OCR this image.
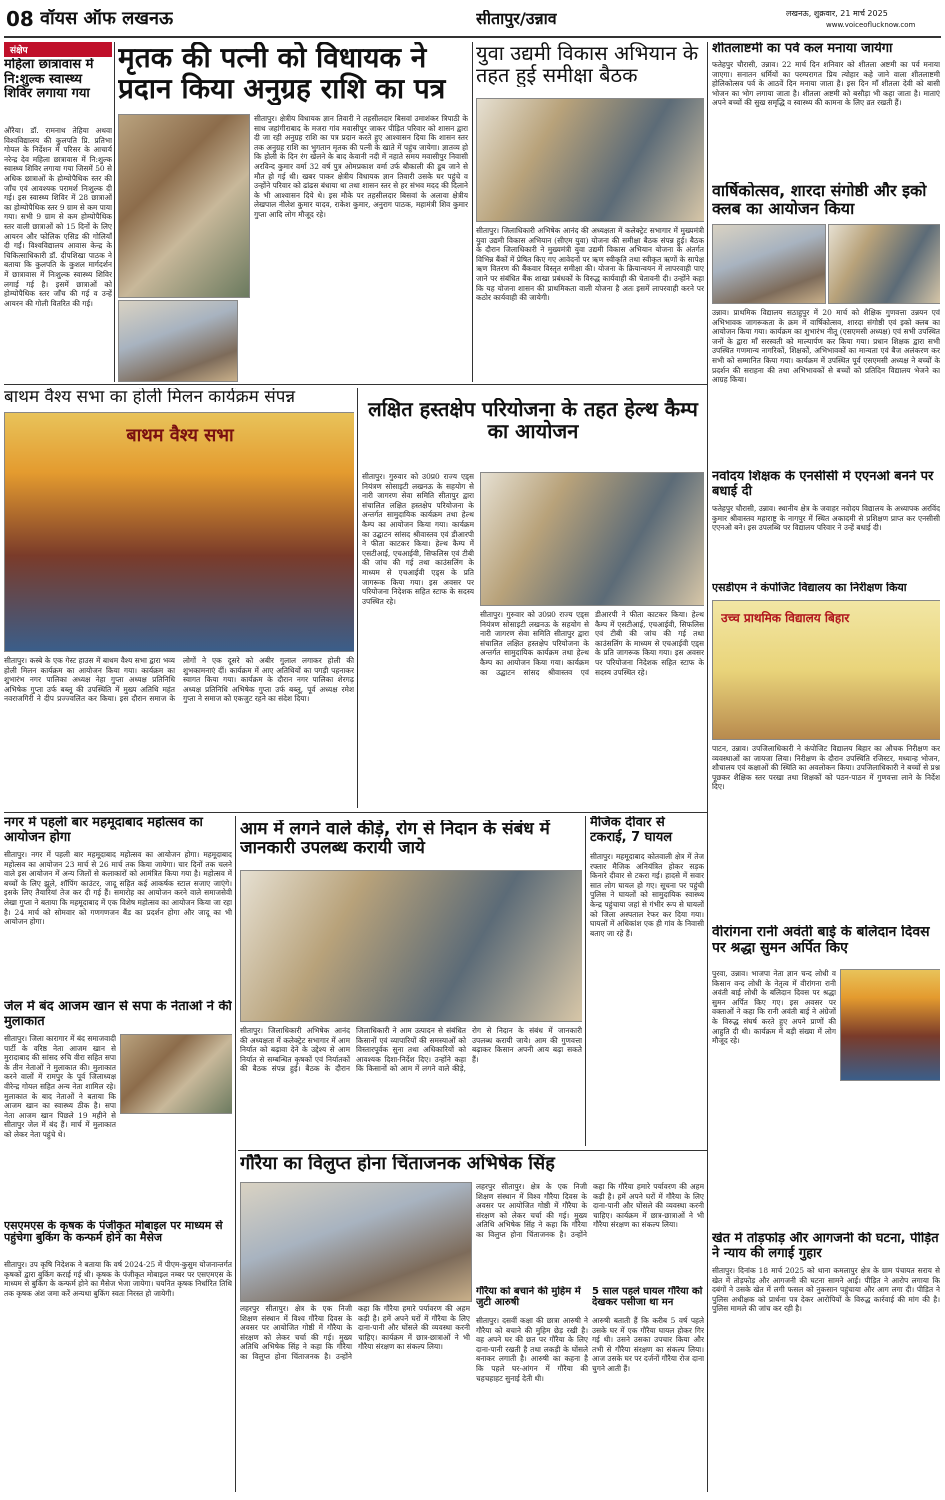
08 वॉयस ऑफ लखनऊ	सीतापुर/उन्नाव	लखनऊ, शुक्रवार, 21 मार्च 2025
www.voiceoflucknow.com
संक्षेप
महिला छात्रावास में नि:शुल्क स्वास्थ्य शिविर लगाया गया
औरैया। डॉ. रामनाथ तेहिया अथवा विश्वविद्यालय की कुलपति प्रि. प्रतिभा गोयल के निर्देशन में परिसर के आचार्य नरेन्द्र देव महिला छात्रावास में नि:शुल्क स्वास्थ्य शिविर लगाया गया जिसमें 50 से अधिक छात्राओं के होम्योपैथिक स्तर की जाँच एवं आवश्यक परामर्श निःशुल्क दी गई। इस स्वास्थ्य शिविर में 28 छात्राओं का होम्योपैथिक स्तर 9 ग्राम से कम पाया गया। सभी 9 ग्राम से कम होम्योपैथिक स्तर वाली छात्राओं को 15 दिनों के लिए आयरन और फोलिक एसिड की गोलियाँ दी गईं। विश्वविद्यालय आवास केन्द्र के चिकित्साधिकारी डॉ. दीपशिखा पाठक ने बताया कि कुलपति के कुशल मार्गदर्शन में छात्रावास में निःशुल्क स्वास्थ्य शिविर लगाई गई है। इसमें छात्राओं को होम्योपैथिक स्तर जाँच की गई व उन्हें आयरन की गोली वितरित की गई।
मृतक की पत्नी को विधायक ने प्रदान किया अनुग्रह राशि का पत्र
सीतापुर। क्षेत्रीय विधायक ज्ञान तिवारी ने तहसीलदार बिसवां उमाशंकर त्रिपाठी के साथ जहांगीराबाद के मजरा गांव मवासीपुर जाकर पीड़ित परिवार को शासन द्वारा दी जा रही अनुग्रह राशि का पत्र प्रदान करते हुए आश्वासन दिया कि शासन स्तर तक अनुग्रह राशि का भुगतान मृतक की पत्नी के खाते में पहुंच जायेगा। ज्ञातव्य हो कि होली के दिन रंग खेलने के बाद केवानी नदी में नहाते समय मवासीपुर निवासी अरविन्द कुमार वर्मा 32 वर्ष पुत्र ओमप्रकाश वर्मा उर्फ बौकाली की डूब जाने से मौत हो गई थी। खबर पाकर क्षेत्रीय विधायक ज्ञान तिवारी उसके घर पहुंचे व उन्होंने परिवार को ढांढस बंधाया था तथा शासन स्तर से हर संभव मदद की दिलाने के भी आश्वासन दिये थे। इस मौके पर तहसीलदार बिसवां के अलावा क्षेत्रीय लेखपाल नीलेश कुमार यादव, राकेश कुमार, अनुराग पाठक, महामंत्री शिव कुमार गुप्ता आदि लोग मौजूद रहे।
युवा उद्यमी विकास अभियान के तहत हुई समीक्षा बैठक
सीतापुर। जिलाधिकारी अभिषेक आनंद की अध्यक्षता में कलेक्ट्रेट सभागार में मुख्यमंत्री युवा उद्यमी विकास अभियान (सीएम युवा) योजना की समीक्षा बैठक संपन्न हुई। बैठक के दौरान जिलाधिकारी ने मुख्यमंत्री युवा उद्यमी विकास अभियान योजना के अंतर्गत विभिन्न बैंकों में प्रेषित किए गए आवेदनों पर ऋण स्वीकृति तथा स्वीकृत ऋणों के सापेक्ष ऋण वितरण की बैंकवार विस्तृत समीक्षा की। योजना के क्रियान्वयन में लापरवाही पाए जाने पर संबंधित बैंक शाखा प्रबंधकों के विरुद्ध कार्यवाही की चेतावनी दी। उन्होंने कहा कि यह योजना शासन की प्राथमिकता वाली योजना है अतः इसमें लापरवाही करने पर कठोर कार्यवाही की जायेगी।
शीतलाष्टमी का पर्व कल मनाया जायेगा
फतेहपुर चौरासी, उन्नाव। 22 मार्च दिन शनिवार को शीतला अष्टमी का पर्व मनाया जाएगा। सनातन धर्मियों का परम्परागत प्रिय त्योहार कहे जाने वाला शीतलाष्टमी होलिकोत्सव पर्व के आठवें दिन मनाया जाता है। इस दिन माँ शीतला देवी को बासी भोजन का भोग लगाया जाता है। शीतला अष्टमी को बसौड़ा भी कहा जाता है। माताएं अपने बच्चों की सुख समृद्धि व स्वास्थ्य की कामना के लिए व्रत रखती हैं।
वार्षिकोत्सव, शारदा संगोष्ठी और इको क्लब का आयोजन किया
उन्नाव। प्राथमिक विद्यालय सठाहुपुर में 20 मार्च को शैक्षिक गुणवत्ता उन्नयन एवं अभिभावक जागरूकता के क्रम में वार्षिकोत्सव, शारदा संगोष्ठी एवं इको क्लब का आयोजन किया गया। कार्यक्रम का शुभारंभ नीतू (एसएमसी अध्यक्ष) एवं सभी उपस्थित जनों के द्वारा माँ सरस्वती को माल्यार्पण कर किया गया। प्रधान शिक्षक द्वारा सभी उपस्थित गणमान्य नागरिकों, शिक्षकों, अभिभावकों का मान्यता एवं बैज अलंकरण कर सभी को सम्मानित किया गया। कार्यक्रम में उपस्थित पूर्व एसएमसी अध्यक्ष ने बच्चों के प्रदर्शन की सराहना की तथा अभिभावकों से बच्चों को प्रतिदिन विद्यालय भेजने का आग्रह किया।
नवोदय शिक्षक के एनसीसी में एएनओ बनने पर बधाई दी
फतेहपुर चौरासी, उन्नाव। स्थानीय क्षेत्र के जवाहर नवोदय विद्यालय के अध्यापक अरविंद कुमार श्रीवास्तव महाराष्ट्र के नागपुर में स्थित अकादमी से प्रशिक्षण प्राप्त कर एनसीसी एएनओ बने। इस उपलब्धि पर विद्यालय परिवार ने उन्हें बधाई दी।
एसडीएम ने कंपोजिट विद्यालय का निरीक्षण किया
उच्च प्राथमिक विद्यालय बिहार
पाटन, उन्नाव। उपजिलाधिकारी ने कंपोजिट विद्यालय बिहार का औचक निरीक्षण कर व्यवस्थाओं का जायजा लिया। निरीक्षण के दौरान उपस्थिति रजिस्टर, मध्यान्ह भोजन, शौचालय एवं कक्षाओं की स्थिति का अवलोकन किया। उपजिलाधिकारी ने बच्चों से प्रश्न पूछकर शैक्षिक स्तर परखा तथा शिक्षकों को पठन-पाठन में गुणवत्ता लाने के निर्देश दिए।
वीरांगना रानी अवंती बाई के बलिदान दिवस पर श्रद्धा सुमन अर्पित किए
पुरवा, उन्नाव। भाजपा नेता ज्ञान चन्द लोधी व किसान वन्द लोधी के नेतृत्व में वीरांगना रानी अवंती बाई लोधी के बलिदान दिवस पर श्रद्धा सुमन अर्पित किए गए। इस अवसर पर वक्ताओं ने कहा कि रानी अवंती बाई ने अंग्रेजों के विरुद्ध संघर्ष करते हुए अपने प्राणों की आहुति दी थी। कार्यक्रम में बड़ी संख्या में लोग मौजूद रहे।
खेत में तोड़फोड़ और आगजनी की घटना, पीड़ित ने न्याय की लगाई गुहार
सीतापुर। दिनांक 18 मार्च 2025 को थाना कमलापुर क्षेत्र के ग्राम पंचायत सराय से खेत में तोड़फोड़ और आगजनी की घटना सामने आई। पीड़ित ने आरोप लगाया कि दबंगों ने उसके खेत में लगी फसल को नुकसान पहुंचाया और आग लगा दी। पीड़ित ने पुलिस अधीक्षक को प्रार्थना पत्र देकर आरोपियों के विरुद्ध कार्रवाई की मांग की है। पुलिस मामले की जांच कर रही है।
बाथम वैश्य सभा का होली मिलन कार्यक्रम संपन्न
बाथम वैश्य सभा
सीतापुर। कस्बे के एक गेस्ट हाउस में बाथम वैश्य सभा द्वारा भव्य होली मिलन कार्यक्रम का आयोजन किया गया। कार्यक्रम का शुभारंभ नगर पालिका अध्यक्ष नेहा गुप्ता अध्यक्ष प्रतिनिधि अभिषेक गुप्ता उर्फ बब्लू की उपस्थिति में मुख्य अतिथि महंत नवराजगिरी ने दीप प्रज्ज्वलित कर किया। इस दौरान समाज के लोगों ने एक दूसरे को अबीर गुलाल लगाकर होली की शुभकामनाएं दीं। कार्यक्रम में आए अतिथियों का पगड़ी पहनाकर स्वागत किया गया। कार्यक्रम के दौरान नगर पालिका शेरगढ़ अध्यक्ष प्रतिनिधि अभिषेक गुप्ता उर्फ बब्लू, पूर्व अध्यक्ष रमेश गुप्ता ने समाज को एकजुट रहने का संदेश दिया।
लक्षित हस्तक्षेप परियोजना के तहत हेल्थ कैम्प का आयोजन
सीतापुर। गुरुवार को उ0प्र0 राज्य एड्स नियंत्रण सोसाइटी लखनऊ के सहयोग से नारी जागरण सेवा समिति सीतापुर द्वारा संचालित लक्षित हस्तक्षेप परियोजना के अन्तर्गत सामुदायिक कार्यक्रम तथा हेल्थ कैम्प का आयोजन किया गया। कार्यक्रम का उद्घाटन सांसद श्रीवास्तव एवं डीआरपी ने फीता काटकर किया। हेल्थ कैम्प में एसटीआई, एचआईवी, सिफलिस एवं टीबी की जांच की गई तथा काउंसलिंग के माध्यम से एचआईवी एड्स के प्रति जागरूक किया गया। इस अवसर पर परियोजना निदेशक सहित स्टाफ के सदस्य उपस्थित रहे।
सीतापुर। गुरुवार को उ0प्र0 राज्य एड्स नियंत्रण सोसाइटी लखनऊ के सहयोग से नारी जागरण सेवा समिति सीतापुर द्वारा संचालित लक्षित हस्तक्षेप परियोजना के अन्तर्गत सामुदायिक कार्यक्रम तथा हेल्थ कैम्प का आयोजन किया गया। कार्यक्रम का उद्घाटन सांसद श्रीवास्तव एवं डीआरपी ने फीता काटकर किया। हेल्थ कैम्प में एसटीआई, एचआईवी, सिफलिस एवं टीबी की जांच की गई तथा काउंसलिंग के माध्यम से एचआईवी एड्स के प्रति जागरूक किया गया। इस अवसर पर परियोजना निदेशक सहित स्टाफ के सदस्य उपस्थित रहे।
नगर में पहली बार महमूदाबाद महोत्सव का आयोजन होगा
सीतापुर। नगर में पहली बार महमूदाबाद महोत्सव का आयोजन होगा। महमूदाबाद महोत्सव का आयोजन 23 मार्च से 26 मार्च तक किया जायेगा। चार दिनों तक चलने वाले इस आयोजन में अन्य जिलों से कलाकारों को आमंत्रित किया गया है। महोत्सव में बच्चों के लिए झूले, शॉपिंग काउंटर, जादू सहित कई आकर्षक स्टाल सजाए जाएंगे। इसके लिए तैयारियां तेज कर दी गई हैं। समारोह का आयोजन करने वाले समाजसेवी लेखा गुप्ता ने बताया कि महमूदाबाद में एक विशेष महोत्सव का आयोजन किया जा रहा है। 24 मार्च को सोमवार को गणगणजन बैंड का प्रदर्शन होगा और जादू का भी आयोजन होगा।
जेल में बंद आजम खान से सपा के नेताओं ने की मुलाकात
सीतापुर। जिला कारागार में बंद समाजवादी पार्टी के वरिष्ठ नेता आजम खान से मुरादाबाद की सांसद रुचि वीरा सहित सपा के तीन नेताओं ने मुलाकात की। मुलाकात करने वालों में रामपुर के पूर्व जिलाध्यक्ष वीरेन्द्र गोयल सहित अन्य नेता शामिल रहे। मुलाकात के बाद नेताओं ने बताया कि आजम खान का स्वास्थ्य ठीक है। सपा नेता आजम खान पिछले 19 महीने से सीतापुर जेल में बंद हैं। मार्च में मुलाकात को लेकर नेता पहुंचे थे।
एसएमएस के कृषक के पंजीकृत मोबाइल पर माध्यम से पहुंचेगा बुकिंग के कन्फर्म होने का मैसेज
सीतापुर। उप कृषि निदेशक ने बताया कि वर्ष 2024-25 में पीएम-कुसुम योजनान्तर्गत कृषकों द्वारा बुकिंग कराई गई थी। कृषक के पंजीकृत मोबाइल नम्बर पर एसएमएस के माध्यम से बुकिंग के कन्फर्म होने का मैसेज भेजा जायेगा। चयनित कृषक निर्धारित तिथि तक कृषक अंश जमा करें अन्यथा बुकिंग स्वतः निरस्त हो जायेगी।
आम में लगने वाले कीड़े, रोग से निदान के संबंध में जानकारी उपलब्ध करायी जाये
सीतापुर। जिलाधिकारी अभिषेक आनंद की अध्यक्षता में कलेक्ट्रेट सभागार में आम निर्यात को बढ़ावा देने के उद्देश्य से आम निर्यात से सम्बन्धित कृषकों एवं निर्यातकों की बैठक संपन्न हुई। बैठक के दौरान जिलाधिकारी ने आम उत्पादन से संबंधित किसानों एवं व्यापारियों की समस्याओं को विस्तारपूर्वक सुना तथा अधिकारियों को आवश्यक दिशा-निर्देश दिए। उन्होंने कहा कि किसानों को आम में लगने वाले कीड़े, रोग से निदान के संबंध में जानकारी उपलब्ध करायी जाये। आम की गुणवत्ता बढ़ाकर किसान अपनी आय बढ़ा सकते हैं।
मैजिक दीवार से टकराई, 7 घायल
सीतापुर। महमूदाबाद कोतवाली क्षेत्र में तेज रफ्तार मैजिक अनियंत्रित होकर सड़क किनारे दीवार से टकरा गई। हादसे में सवार सात लोग घायल हो गए। सूचना पर पहुंची पुलिस ने घायलों को सामुदायिक स्वास्थ्य केन्द्र पहुंचाया जहां से गंभीर रूप से घायलों को जिला अस्पताल रेफर कर दिया गया। घायलों में अधिकांश एक ही गांव के निवासी बताए जा रहे हैं।
गौरैया का विलुप्त होना चिंताजनक अभिषेक सिंह
लहरपुर सीतापुर। क्षेत्र के एक निजी शिक्षण संस्थान में विश्व गौरैया दिवस के अवसर पर आयोजित गोष्ठी में गौरैया के संरक्षण को लेकर चर्चा की गई। मुख्य अतिथि अभिषेक सिंह ने कहा कि गौरैया का विलुप्त होना चिंताजनक है। उन्होंने कहा कि गौरैया हमारे पर्यावरण की अहम कड़ी है। हमें अपने घरों में गौरैया के लिए दाना-पानी और घोंसले की व्यवस्था करनी चाहिए। कार्यक्रम में छात्र-छात्राओं ने भी गौरैया संरक्षण का संकल्प लिया।
लहरपुर सीतापुर। क्षेत्र के एक निजी शिक्षण संस्थान में विश्व गौरैया दिवस के अवसर पर आयोजित गोष्ठी में गौरैया के संरक्षण को लेकर चर्चा की गई। मुख्य अतिथि अभिषेक सिंह ने कहा कि गौरैया का विलुप्त होना चिंताजनक है। उन्होंने कहा कि गौरैया हमारे पर्यावरण की अहम कड़ी है। हमें अपने घरों में गौरैया के लिए दाना-पानी और घोंसले की व्यवस्था करनी चाहिए। कार्यक्रम में छात्र-छात्राओं ने भी गौरैया संरक्षण का संकल्प लिया।
गौरैया को बचाने की मुहिम में जुटी आरुषी
सीतापुर। दसवीं कक्षा की छात्रा आरुषी ने गौरैया को बचाने की मुहिम छेड़ रखी है। वह अपने घर की छत पर गौरैया के लिए दाना-पानी रखती है तथा लकड़ी के घोंसले बनाकर लगाती है। आरुषी का कहना है कि पहले घर-आंगन में गौरैया की चहचहाहट सुनाई देती थी।
5 साल पहले घायल गौरैया को देखकर पसीजा था मन
आरुषी बताती हैं कि करीब 5 वर्ष पहले उसके घर में एक गौरैया घायल होकर गिर गई थी। उसने उसका उपचार किया और तभी से गौरैया संरक्षण का संकल्प लिया। आज उसके घर पर दर्जनों गौरैया रोज दाना चुगने आती हैं।
